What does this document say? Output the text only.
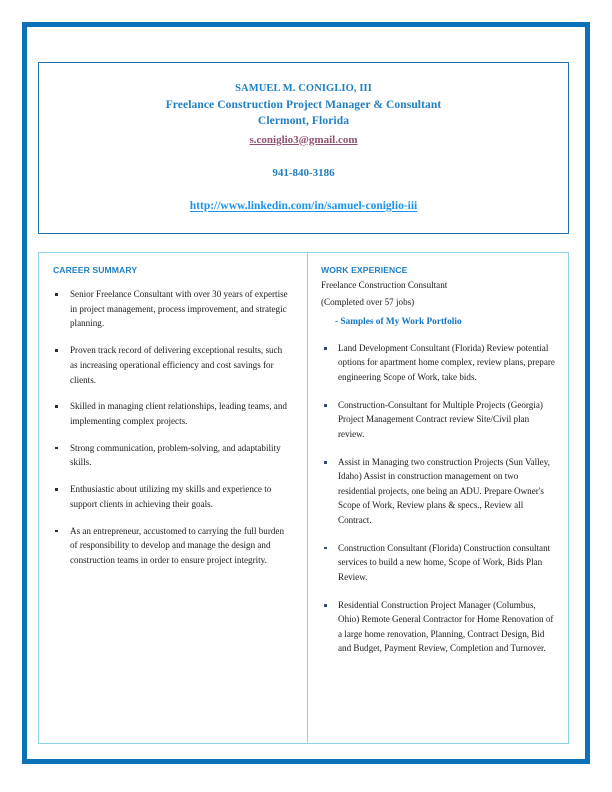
SAMUEL M. CONIGLIO, III
Freelance Construction Project Manager & Consultant
Clermont, Florida
s.coniglio3@gmail.com
941-840-3186
http://www.linkedin.com/in/samuel-coniglio-iii
CAREER SUMMARY
Senior Freelance Consultant with over 30 years of expertise in project management, process improvement, and strategic planning.
Proven track record of delivering exceptional results, such as increasing operational efficiency and cost savings for clients.
Skilled in managing client relationships, leading teams, and implementing complex projects.
Strong communication, problem-solving, and adaptability skills.
Enthusiastic about utilizing my skills and experience to support clients in achieving their goals.
As an entrepreneur, accustomed to carrying the full burden of responsibility to develop and manage the design and construction teams in order to ensure project integrity.
WORK EXPERIENCE
Freelance Construction Consultant
(Completed over 57 jobs)
- Samples of My Work Portfolio
Land Development Consultant (Florida) Review potential options for apartment home complex, review plans, prepare engineering Scope of Work, take bids.
Construction-Consultant for Multiple Projects (Georgia) Project Management Contract review Site/Civil plan review.
Assist in Managing two construction Projects (Sun Valley, Idaho) Assist in construction management on two residential projects, one being an ADU. Prepare Owner's Scope of Work, Review plans & specs., Review all Contract.
Construction Consultant (Florida) Construction consultant services to build a new home, Scope of Work, Bids Plan Review.
Residential Construction Project Manager (Columbus, Ohio) Remote General Contractor for Home Renovation of a large home renovation, Planning, Contract Design, Bid and Budget, Payment Review, Completion and Turnover.
